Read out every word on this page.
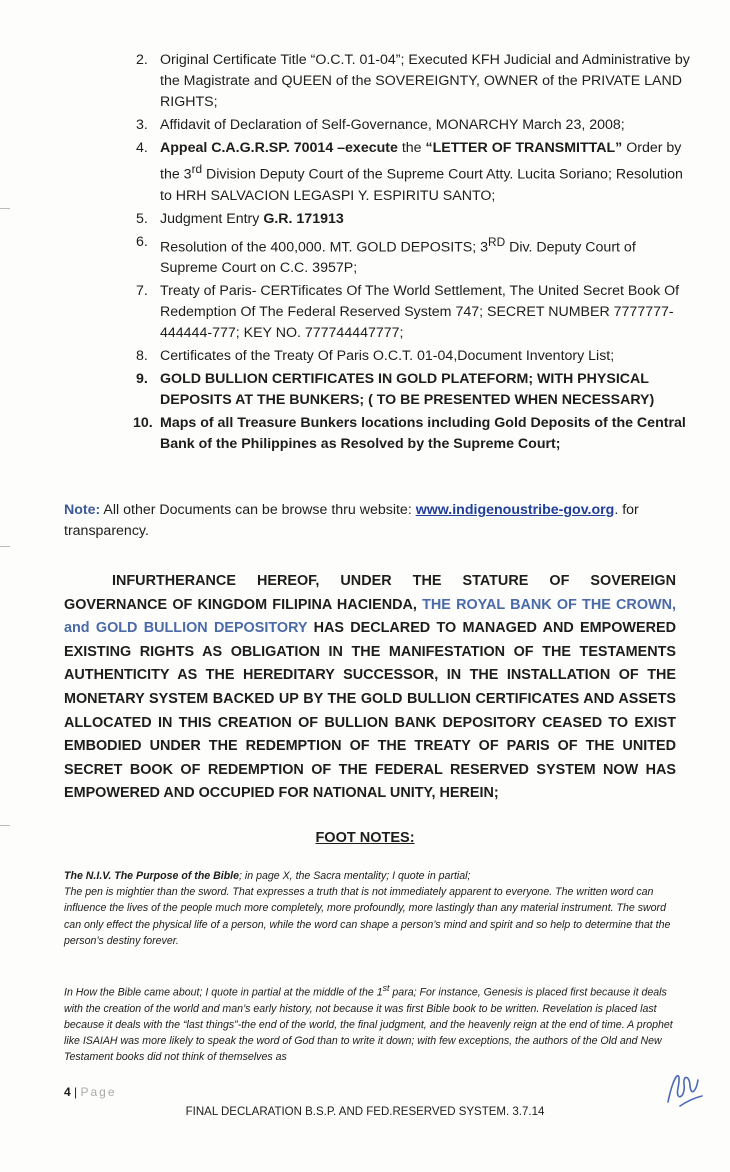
2. Original Certificate Title “O.C.T. 01-04”; Executed KFH Judicial and Administrative by the Magistrate and QUEEN of the SOVEREIGNTY, OWNER of the PRIVATE LAND RIGHTS;
3. Affidavit of Declaration of Self-Governance, MONARCHY March 23, 2008;
4. Appeal C.A.G.R.SP. 70014 –execute the “LETTER OF TRANSMITTAL” Order by the 3rd Division Deputy Court of the Supreme Court Atty. Lucita Soriano; Resolution to HRH SALVACION LEGASPI Y. ESPIRITU SANTO;
5. Judgment Entry G.R. 171913
6. Resolution of the 400,000. MT. GOLD DEPOSITS; 3RD Div. Deputy Court of Supreme Court on C.C. 3957P;
7. Treaty of Paris- CERTificates Of The World Settlement, The United Secret Book Of Redemption Of The Federal Reserved System 747; SECRET NUMBER 7777777-444444-777; KEY NO. 777744447777;
8. Certificates of the Treaty Of Paris O.C.T. 01-04,Document Inventory List;
9. GOLD BULLION CERTIFICATES IN GOLD PLATEFORM; WITH PHYSICAL DEPOSITS AT THE BUNKERS; ( TO BE PRESENTED WHEN NECESSARY)
10. Maps of all Treasure Bunkers locations including Gold Deposits of the Central Bank of the Philippines as Resolved by the Supreme Court;
Note: All other Documents can be browse thru website: www.indigenoustribe-gov.org. for transparency.
INFURTHERANCE HEREOF, UNDER THE STATURE OF SOVEREIGN GOVERNANCE OF KINGDOM FILIPINA HACIENDA, THE ROYAL BANK OF THE CROWN, and GOLD BULLION DEPOSITORY HAS DECLARED TO MANAGED AND EMPOWERED EXISTING RIGHTS AS OBLIGATION IN THE MANIFESTATION OF THE TESTAMENTS AUTHENTICITY AS THE HEREDITARY SUCCESSOR, IN THE INSTALLATION OF THE MONETARY SYSTEM BACKED UP BY THE GOLD BULLION CERTIFICATES AND ASSETS ALLOCATED IN THIS CREATION OF BULLION BANK DEPOSITORY CEASED TO EXIST EMBODIED UNDER THE REDEMPTION OF THE TREATY OF PARIS OF THE UNITED SECRET BOOK OF REDEMPTION OF THE FEDERAL RESERVED SYSTEM NOW HAS EMPOWERED AND OCCUPIED FOR NATIONAL UNITY, HEREIN;
FOOT NOTES:
The N.I.V. The Purpose of the Bible; in page X, the Sacra mentality; I quote in partial;
The pen is mightier than the sword. That expresses a truth that is not immediately apparent to everyone. The written word can influence the lives of the people much more completely, more profoundly, more lastingly than any material instrument. The sword can only effect the physical life of a person, while the word can shape a person’s mind and spirit and so help to determine that the person’s destiny forever.
In How the Bible came about; I quote in partial at the middle of the 1st para; For instance, Genesis is placed first because it deals with the creation of the world and man’s early history, not because it was first Bible book to be written. Revelation is placed last because it deals with the “last things”-the end of the world, the final judgment, and the heavenly reign at the end of time. A prophet like ISAIAH was more likely to speak the word of God than to write it down; with few exceptions, the authors of the Old and New Testament books did not think of themselves as
4 | Page
FINAL DECLARATION B.S.P. AND FED.RESERVED SYSTEM. 3.7.14
